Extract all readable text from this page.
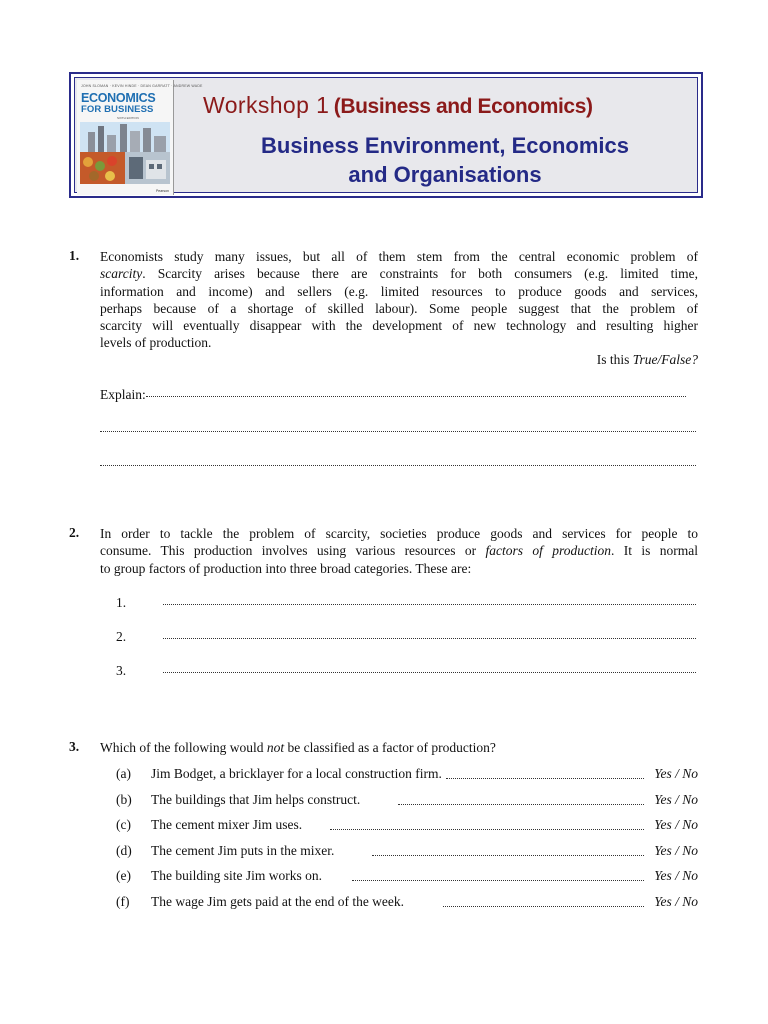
JOHN SLOMAN · KEVIN HINDE · DEAN GARRATT · ANDREW WADE
ECONOMICS
FOR BUSINESS
SIXTH EDITION
Pearson
Workshop 1 (Business and Economics)
Business Environment, Economics
and Organisations
1. Economists study many issues, but all of them stem from the central economic problem of
scarcity. Scarcity arises because there are constraints for both consumers (e.g. limited time,
information and income) and sellers (e.g. limited resources to produce goods and services,
perhaps because of a shortage of skilled labour). Some people suggest that the problem of
scarcity will eventually disappear with the development of new technology and resulting higher
levels of production.
Is this True/False?
Explain:
2. In order to tackle the problem of scarcity, societies produce goods and services for people to
consume. This production involves using various resources or factors of production. It is normal
to group factors of production into three broad categories. These are:
1.
2.
3.
3. Which of the following would not be classified as a factor of production?
(a) Jim Bodget, a bricklayer for a local construction firm.	Yes / No
(b) The buildings that Jim helps construct.	Yes / No
(c) The cement mixer Jim uses.	Yes / No
(d) The cement Jim puts in the mixer.	Yes / No
(e) The building site Jim works on.	Yes / No
(f) The wage Jim gets paid at the end of the week.	Yes / No
